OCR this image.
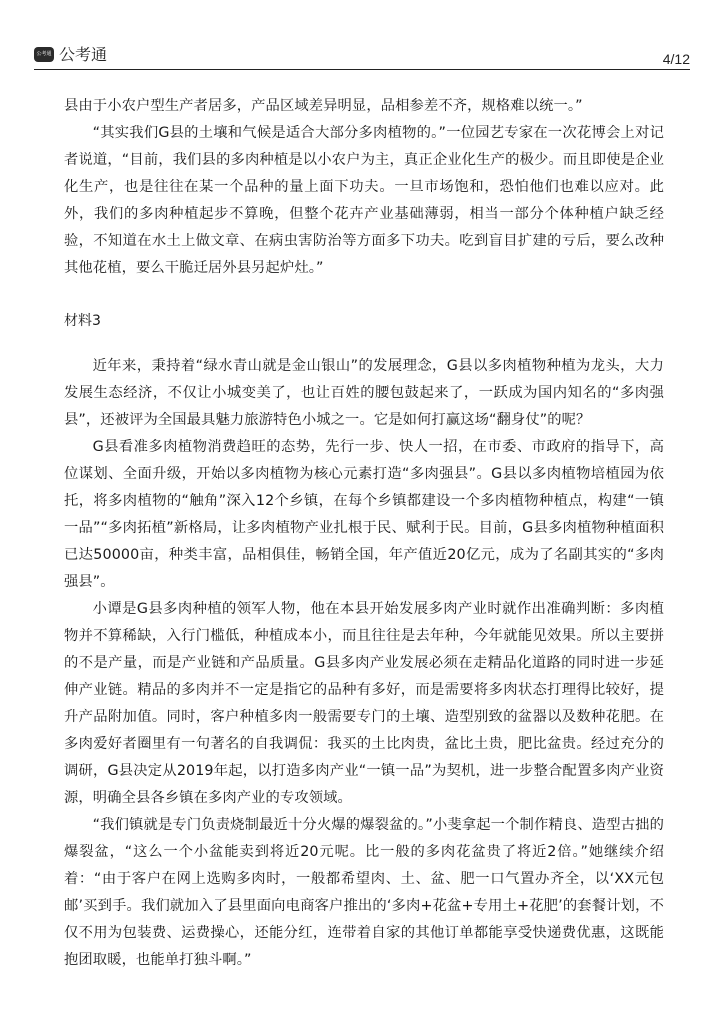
公考通 公考通	4/12

县由于小农户型生产者居多，产品区域差异明显，品相参差不齐，规格难以统一。”

“其实我们G县的土壤和气候是适合大部分多肉植物的。”一位园艺专家在一次花博会上对记者说道，“目前，我们县的多肉种植是以小农户为主，真正企业化生产的极少。而且即使是企业化生产，也是往往在某一个品种的量上面下功夫。一旦市场饱和，恐怕他们也难以应对。此外，我们的多肉种植起步不算晚，但整个花卉产业基础薄弱，相当一部分个体种植户缺乏经验，不知道在水土上做文章、在病虫害防治等方面多下功夫。吃到盲目扩建的亏后，要么改种其他花植，要么干脆迁居外县另起炉灶。”

材料3

近年来，秉持着“绿水青山就是金山银山”的发展理念，G县以多肉植物种植为龙头，大力发展生态经济，不仅让小城变美了，也让百姓的腰包鼓起来了，一跃成为国内知名的“多肉强县”，还被评为全国最具魅力旅游特色小城之一。它是如何打赢这场“翻身仗”的呢？

G县看准多肉植物消费趋旺的态势，先行一步、快人一招，在市委、市政府的指导下，高位谋划、全面升级，开始以多肉植物为核心元素打造“多肉强县”。G县以多肉植物培植园为依托，将多肉植物的“触角”深入12个乡镇，在每个乡镇都建设一个多肉植物种植点，构建“一镇一品”“多肉拓植”新格局，让多肉植物产业扎根于民、赋利于民。目前，G县多肉植物种植面积已达50000亩，种类丰富，品相俱佳，畅销全国，年产值近20亿元，成为了名副其实的“多肉强县”。

小谭是G县多肉种植的领军人物，他在本县开始发展多肉产业时就作出准确判断：多肉植物并不算稀缺，入行门槛低，种植成本小，而且往往是去年种，今年就能见效果。所以主要拼的不是产量，而是产业链和产品质量。G县多肉产业发展必须在走精品化道路的同时进一步延伸产业链。精品的多肉并不一定是指它的品种有多好，而是需要将多肉状态打理得比较好，提升产品附加值。同时，客户种植多肉一般需要专门的土壤、造型别致的盆器以及数种花肥。在多肉爱好者圈里有一句著名的自我调侃：我买的土比肉贵，盆比土贵，肥比盆贵。经过充分的调研，G县决定从2019年起，以打造多肉产业“一镇一品”为契机，进一步整合配置多肉产业资源，明确全县各乡镇在多肉产业的专攻领域。

“我们镇就是专门负责烧制最近十分火爆的爆裂盆的。”小斐拿起一个制作精良、造型古拙的爆裂盆，“这么一个小盆能卖到将近20元呢。比一般的多肉花盆贵了将近2倍。”她继续介绍着：“由于客户在网上选购多肉时，一般都希望肉、土、盆、肥一口气置办齐全，以‘XX元包邮’买到手。我们就加入了县里面向电商客户推出的‘多肉+花盆+专用土+花肥’的套餐计划，不仅不用为包装费、运费操心，还能分红，连带着自家的其他订单都能享受快递费优惠，这既能抱团取暖，也能单打独斗啊。”
